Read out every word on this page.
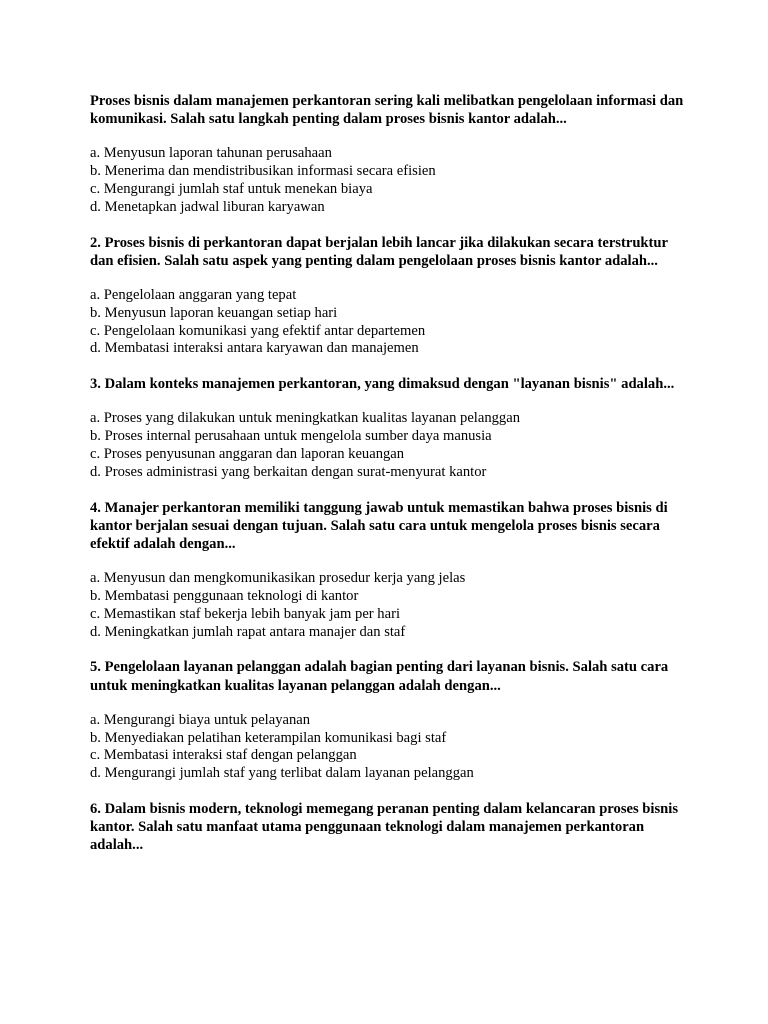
Proses bisnis dalam manajemen perkantoran sering kali melibatkan pengelolaan informasi dan komunikasi. Salah satu langkah penting dalam proses bisnis kantor adalah...

a. Menyusun laporan tahunan perusahaan
b. Menerima dan mendistribusikan informasi secara efisien
c. Mengurangi jumlah staf untuk menekan biaya
d. Menetapkan jadwal liburan karyawan

2. Proses bisnis di perkantoran dapat berjalan lebih lancar jika dilakukan secara terstruktur dan efisien. Salah satu aspek yang penting dalam pengelolaan proses bisnis kantor adalah...

a. Pengelolaan anggaran yang tepat
b. Menyusun laporan keuangan setiap hari
c. Pengelolaan komunikasi yang efektif antar departemen
d. Membatasi interaksi antara karyawan dan manajemen

3. Dalam konteks manajemen perkantoran, yang dimaksud dengan "layanan bisnis" adalah...

a. Proses yang dilakukan untuk meningkatkan kualitas layanan pelanggan
b. Proses internal perusahaan untuk mengelola sumber daya manusia
c. Proses penyusunan anggaran dan laporan keuangan
d. Proses administrasi yang berkaitan dengan surat-menyurat kantor

4. Manajer perkantoran memiliki tanggung jawab untuk memastikan bahwa proses bisnis di kantor berjalan sesuai dengan tujuan. Salah satu cara untuk mengelola proses bisnis secara efektif adalah dengan...

a. Menyusun dan mengkomunikasikan prosedur kerja yang jelas
b. Membatasi penggunaan teknologi di kantor
c. Memastikan staf bekerja lebih banyak jam per hari
d. Meningkatkan jumlah rapat antara manajer dan staf

5. Pengelolaan layanan pelanggan adalah bagian penting dari layanan bisnis. Salah satu cara untuk meningkatkan kualitas layanan pelanggan adalah dengan...

a. Mengurangi biaya untuk pelayanan
b. Menyediakan pelatihan keterampilan komunikasi bagi staf
c. Membatasi interaksi staf dengan pelanggan
d. Mengurangi jumlah staf yang terlibat dalam layanan pelanggan

6. Dalam bisnis modern, teknologi memegang peranan penting dalam kelancaran proses bisnis kantor. Salah satu manfaat utama penggunaan teknologi dalam manajemen perkantoran adalah...
